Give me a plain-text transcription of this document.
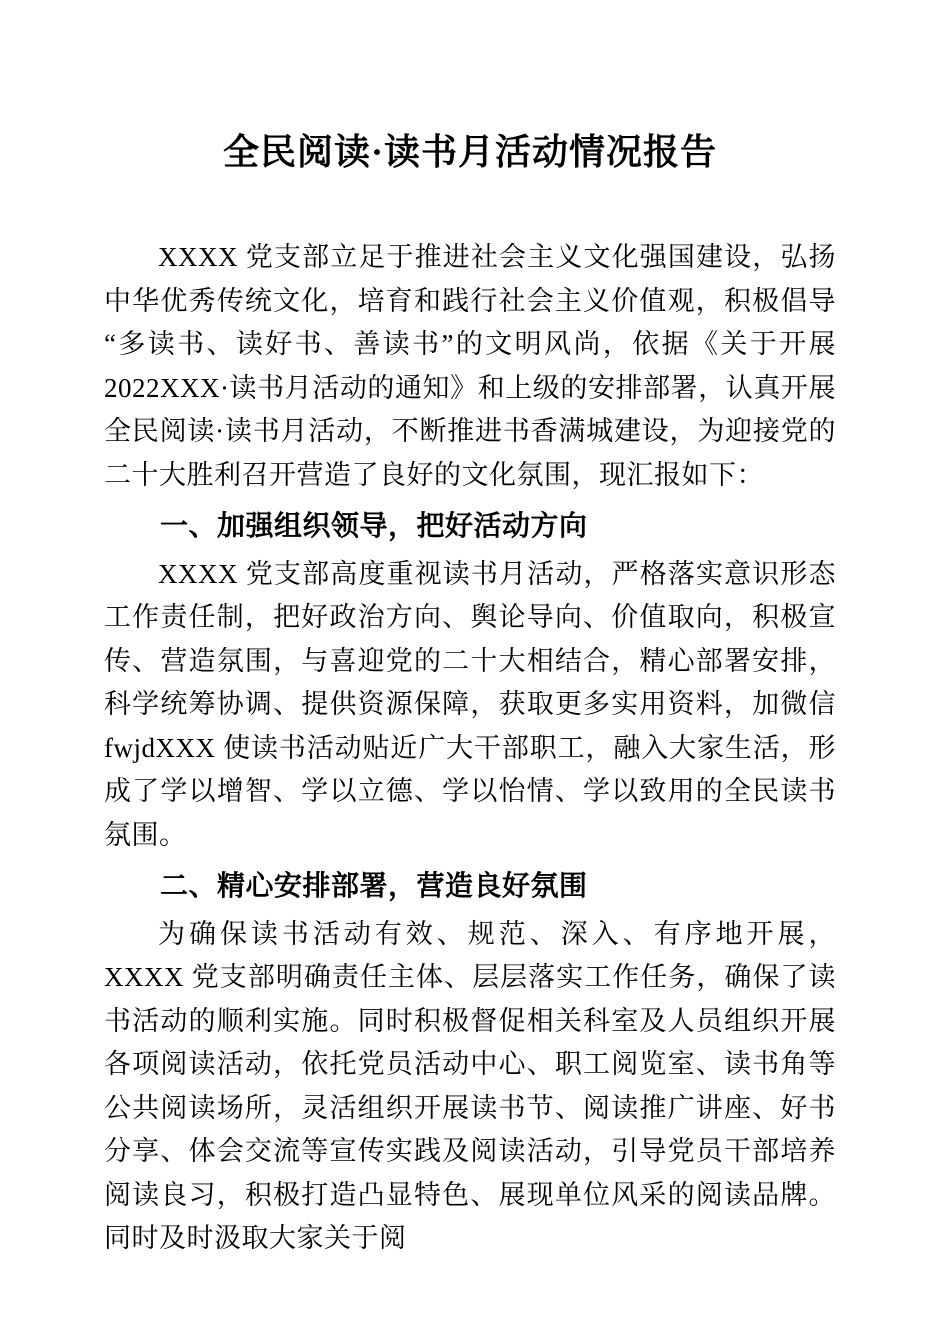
全民阅读·读书月活动情况报告

XXXX 党支部立足于推进社会主义文化强国建设，弘扬中华优秀传统文化，培育和践行社会主义价值观，积极倡导“多读书、读好书、善读书”的文明风尚，依据《关于开展2022XXX·读书月活动的通知》和上级的安排部署，认真开展全民阅读·读书月活动，不断推进书香满城建设，为迎接党的二十大胜利召开营造了良好的文化氛围，现汇报如下：

一、加强组织领导，把好活动方向

XXXX 党支部高度重视读书月活动，严格落实意识形态工作责任制，把好政治方向、舆论导向、价值取向，积极宣传、营造氛围，与喜迎党的二十大相结合，精心部署安排，科学统筹协调、提供资源保障，获取更多实用资料，加微信 fwjdXXX 使读书活动贴近广大干部职工，融入大家生活，形成了学以增智、学以立德、学以怡情、学以致用的全民读书氛围。

二、精心安排部署，营造良好氛围

为确保读书活动有效、规范、深入、有序地开展，XXXX 党支部明确责任主体、层层落实工作任务，确保了读书活动的顺利实施。同时积极督促相关科室及人员组织开展各项阅读活动，依托党员活动中心、职工阅览室、读书角等公共阅读场所，灵活组织开展读书节、阅读推广讲座、好书分享、体会交流等宣传实践及阅读活动，引导党员干部培养阅读良习，积极打造凸显特色、展现单位风采的阅读品牌。同时及时汲取大家关于阅
